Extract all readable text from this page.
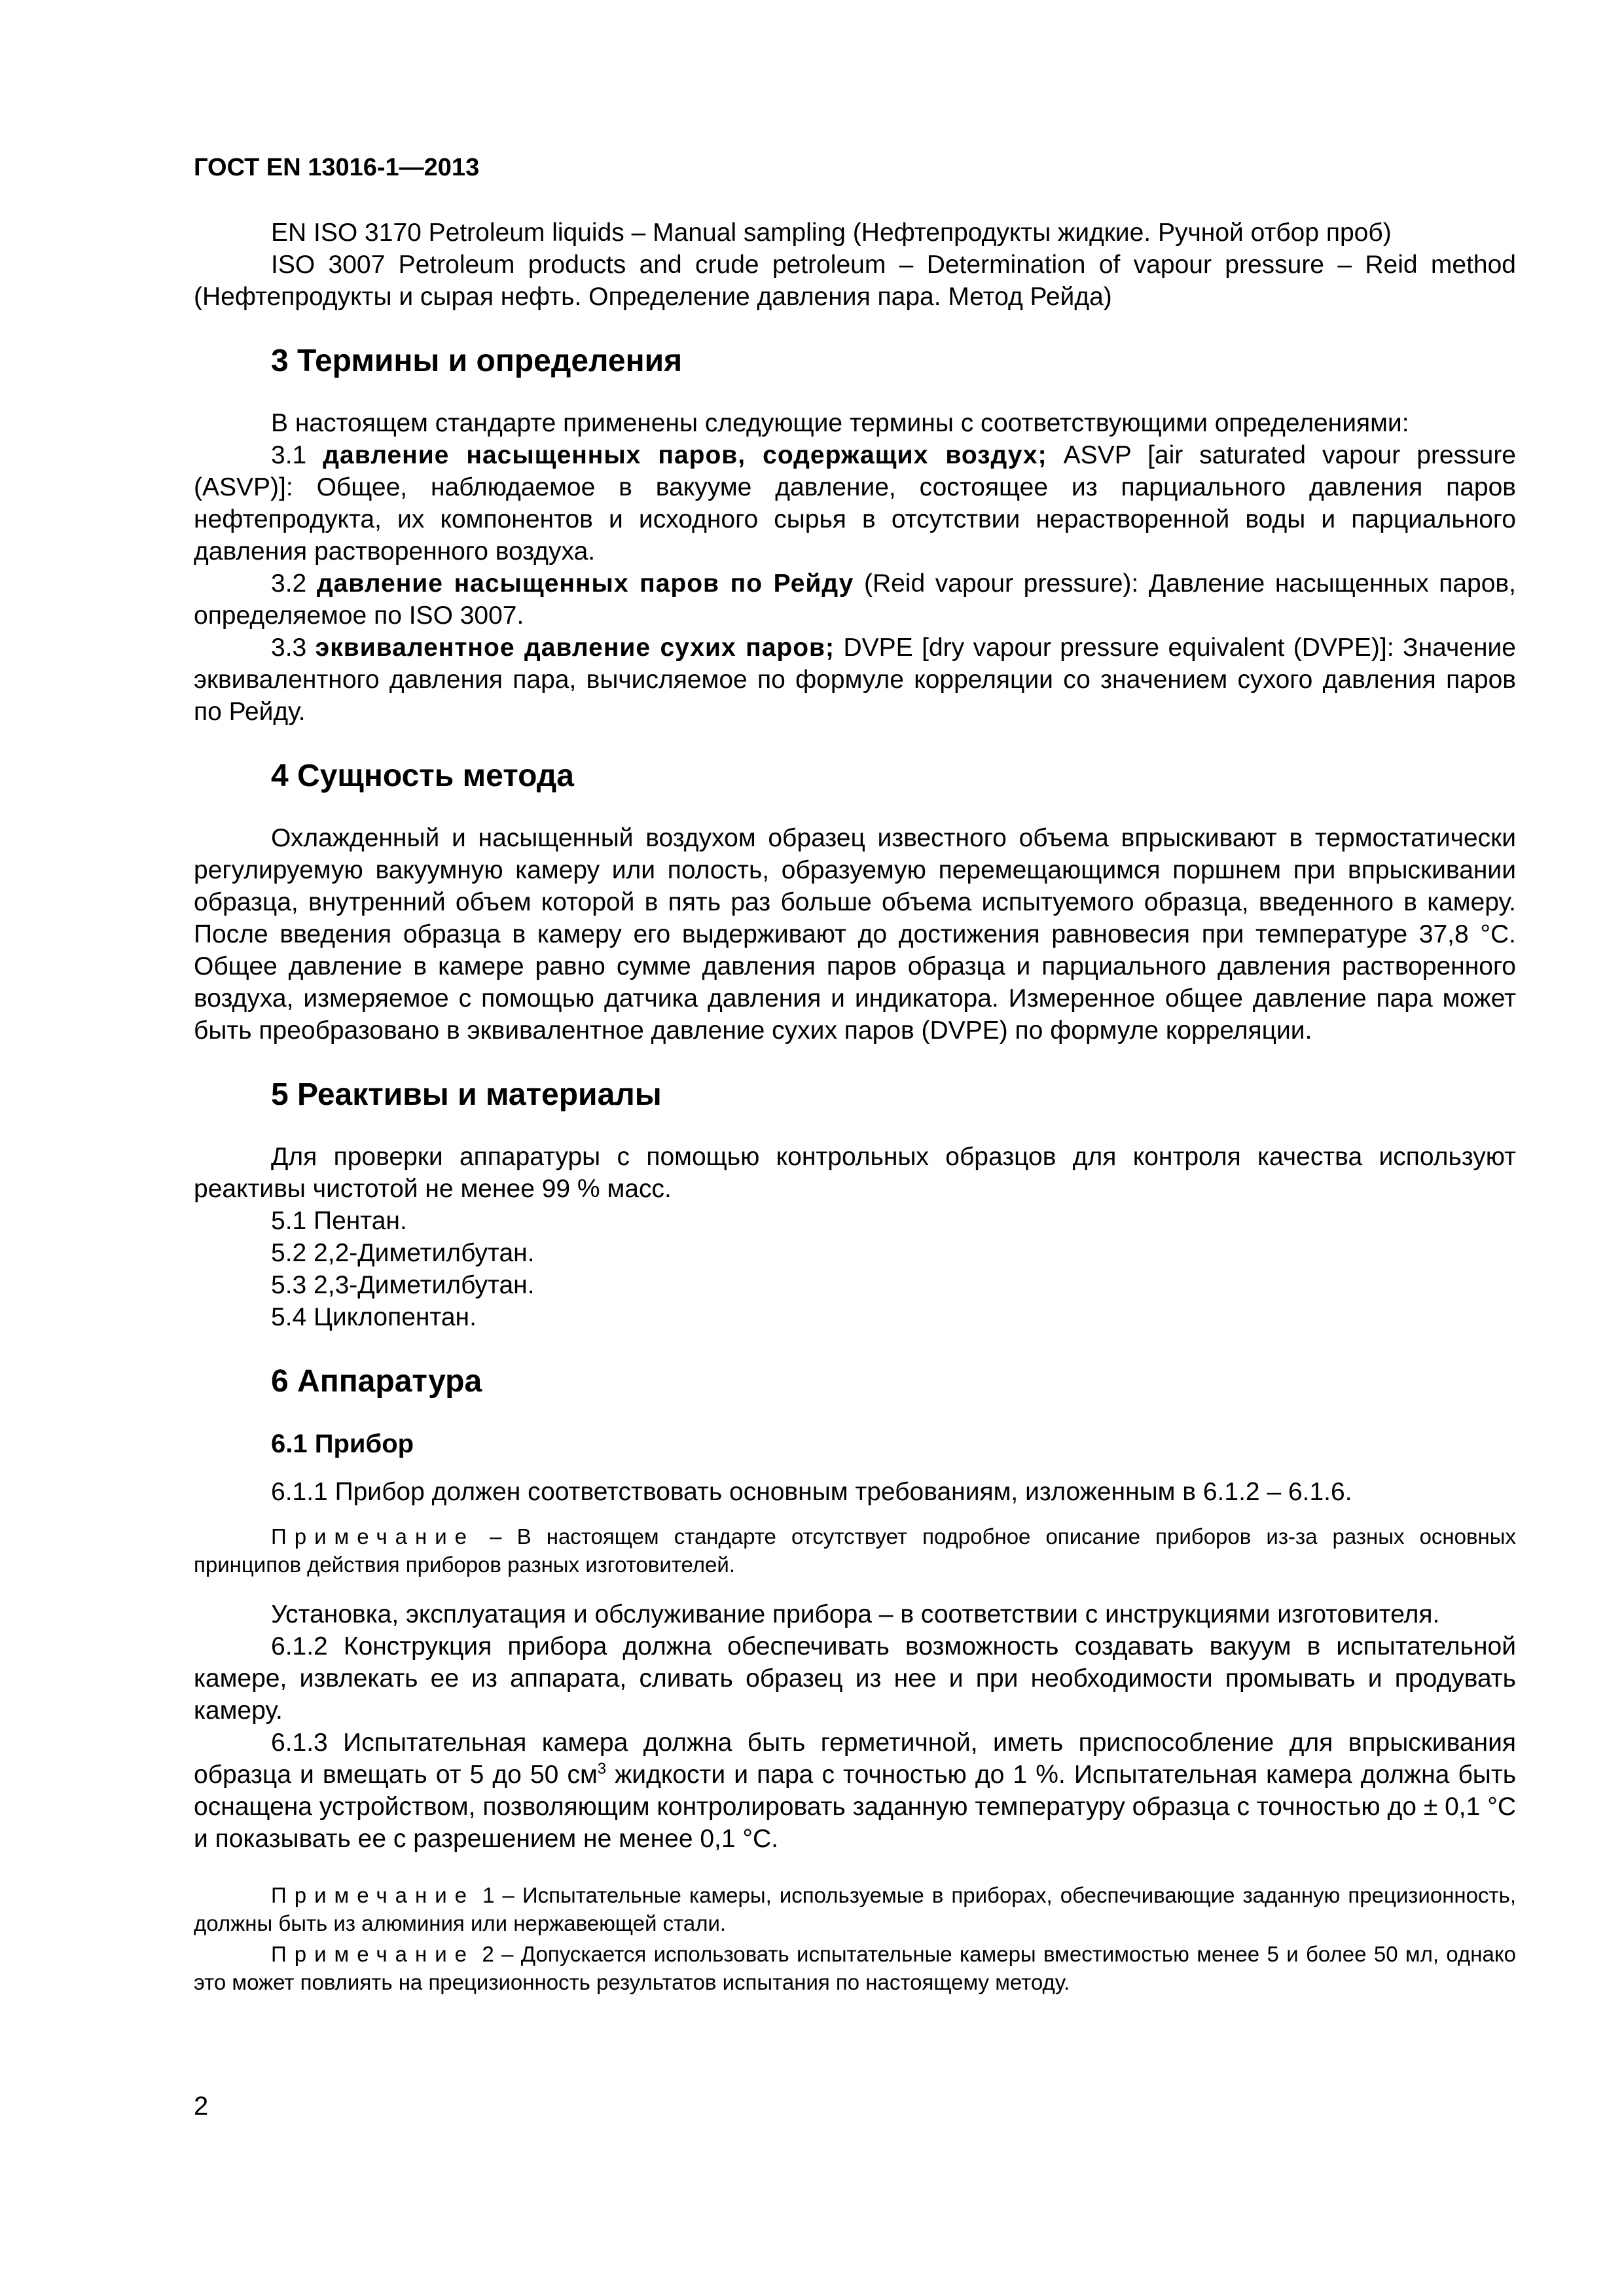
ГОСТ EN 13016-1—2013

EN ISO 3170 Petroleum liquids – Manual sampling (Нефтепродукты жидкие. Ручной отбор проб)

ISO 3007 Petroleum products and crude petroleum – Determination of vapour pressure – Reid method (Нефтепродукты и сырая нефть. Определение давления пара. Метод Рейда)

3 Термины и определения

В настоящем стандарте применены следующие термины с соответствующими определениями:

3.1 давление насыщенных паров, содержащих воздух; ASVP [air saturated vapour pressure (ASVP)]: Общее, наблюдаемое в вакууме давление, состоящее из парциального давления паров нефтепродукта, их компонентов и исходного сырья в отсутствии нерастворенной воды и парциального давления растворенного воздуха.

3.2 давление насыщенных паров по Рейду (Reid vapour pressure): Давление насыщенных паров, определяемое по ISO 3007.

3.3 эквивалентное давление сухих паров; DVPE [dry vapour pressure equivalent (DVPE)]: Значение эквивалентного давления пара, вычисляемое по формуле корреляции со значением сухого давления паров по Рейду.

4 Сущность метода

Охлажденный и насыщенный воздухом образец известного объема впрыскивают в термостатически регулируемую вакуумную камеру или полость, образуемую перемещающимся поршнем при впрыскивании образца, внутренний объем которой в пять раз больше объема испытуемого образца, введенного в камеру. После введения образца в камеру его выдерживают до достижения равновесия при температуре 37,8 °С. Общее давление в камере равно сумме давления паров образца и парциального давления растворенного воздуха, измеряемое с помощью датчика давления и индикатора. Измеренное общее давление пара может быть преобразовано в эквивалентное давление сухих паров (DVPE) по формуле корреляции.

5 Реактивы и материалы

Для проверки аппаратуры с помощью контрольных образцов для контроля качества используют реактивы чистотой не менее 99 % масс.

5.1 Пентан.

5.2 2,2-Диметилбутан.

5.3 2,3-Диметилбутан.

5.4 Циклопентан.

6 Аппаратура
6.1 Прибор

6.1.1 Прибор должен соответствовать основным требованиям, изложенным в 6.1.2 – 6.1.6.

Примечание – В настоящем стандарте отсутствует подробное описание приборов из-за разных основных принципов действия приборов разных изготовителей.

Установка, эксплуатация и обслуживание прибора – в соответствии с инструкциями изготовителя.

6.1.2 Конструкция прибора должна обеспечивать возможность создавать вакуум в испытательной камере, извлекать ее из аппарата, сливать образец из нее и при необходимости промывать и продувать камеру.

6.1.3 Испытательная камера должна быть герметичной, иметь приспособление для впрыскивания образца и вмещать от 5 до 50 $см^3$ жидкости и пара с точностью до 1 %. Испытательная камера должна быть оснащена устройством, позволяющим контролировать заданную температуру образца с точностью до ± 0,1 °С и показывать ее с разрешением не менее 0,1 °С.

Примечание 1 – Испытательные камеры, используемые в приборах, обеспечивающие заданную прецизионность, должны быть из алюминия или нержавеющей стали.

Примечание 2 – Допускается использовать испытательные камеры вместимостью менее 5 и более 50 мл, однако это может повлиять на прецизионность результатов испытания по настоящему методу.

2
